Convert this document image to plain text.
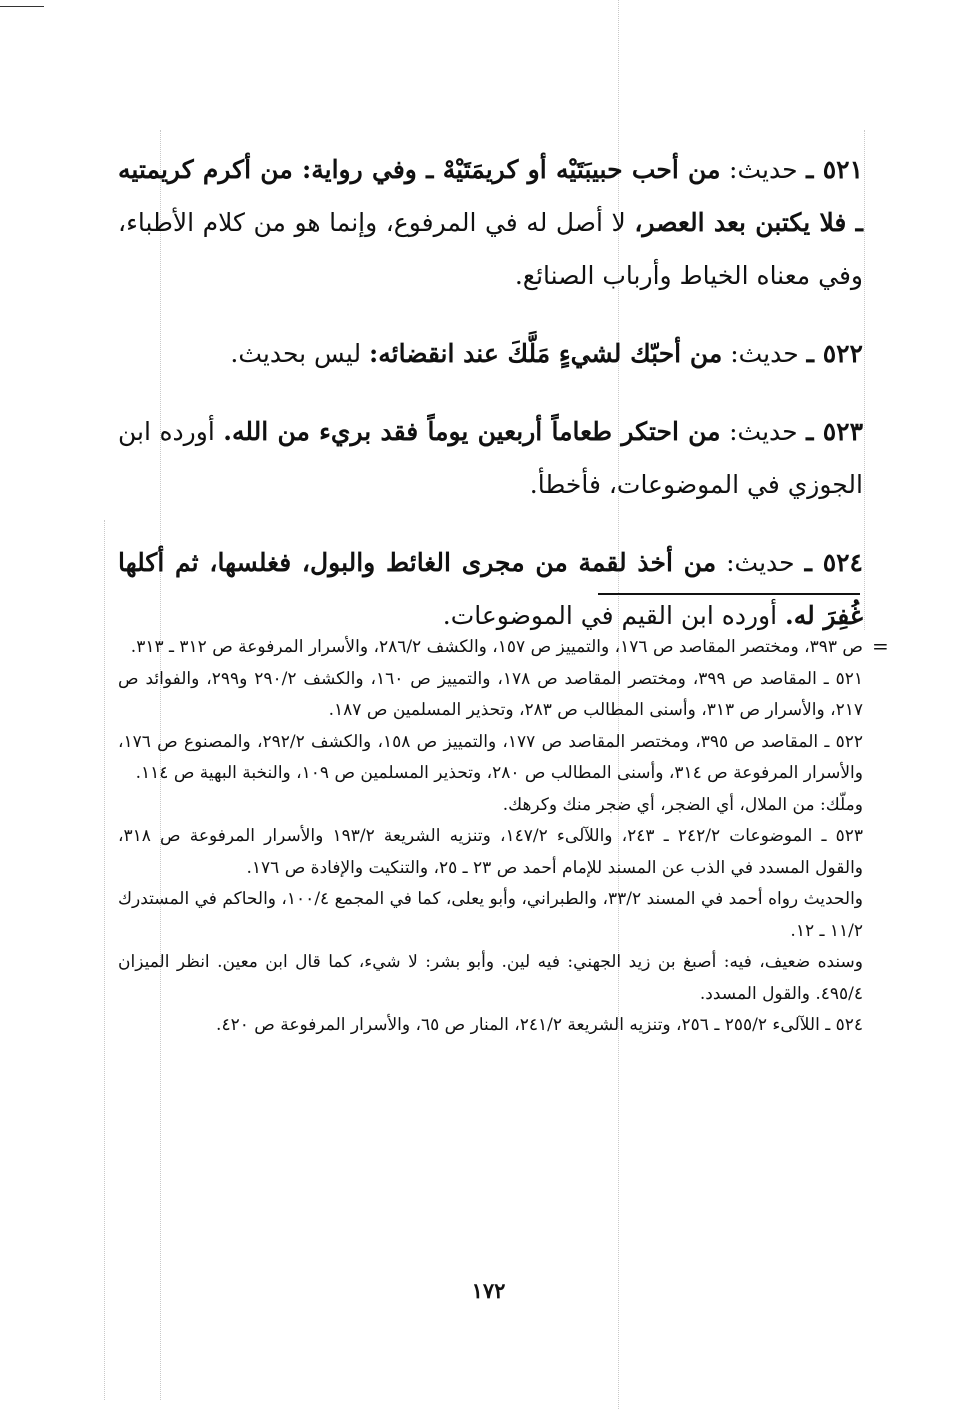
٥٢١ ـ حديث: من أحب حبيبَتَيْه أو كريمَتَيْهْ ـ وفي رواية: من أكرم كريمتيه ـ فلا يكتبن بعد العصر، لا أصل له في المرفوع، وإنما هو من كلام الأطباء، وفي معناه الخياط وأرباب الصنائع.

٥٢٢ ـ حديث: من أحبّك لشيءٍ مَلَّكَ عند انقضائه: ليس بحديث.

٥٢٣ ـ حديث: من احتكر طعاماً أربعين يوماً فقد بريء من الله. أورده ابن الجوزي في الموضوعات، فأخطأ.

٥٢٤ ـ حديث: من أخذ لقمة من مجرى الغائط والبول، فغلسها، ثم أكلها غُفِرَ له. أورده ابن القيم في الموضوعات.

=

ص ٣٩٣، ومختصر المقاصد ص ١٧٦، والتمييز ص ١٥٧، والكشف ٢٨٦/٢، والأسرار المرفوعة ص ٣١٢ ـ ٣١٣.

٥٢١ ـ المقاصد ص ٣٩٩، ومختصر المقاصد ص ١٧٨، والتمييز ص ١٦٠، والكشف ٢٩٠/٢ و٢٩٩، والفوائد ص ٢١٧، والأسرار ص ٣١٣، وأسنى المطالب ص ٢٨٣، وتحذير المسلمين ص ١٨٧.

٥٢٢ ـ المقاصد ص ٣٩٥، ومختصر المقاصد ص ١٧٧، والتمييز ص ١٥٨، والكشف ٢٩٢/٢، والمصنوع ص ١٧٦، والأسرار المرفوعة ص ٣١٤، وأسنى المطالب ص ٢٨٠، وتحذير المسلمين ص ١٠٩، والنخبة البهية ص ١١٤.

وملّك: من الملال، أي الضجر، أي ضجر منك وكرهك.

٥٢٣ ـ الموضوعات ٢٤٢/٢ ـ ٢٤٣، واللآلىء ١٤٧/٢، وتنزيه الشريعة ١٩٣/٢ والأسرار المرفوعة ص ٣١٨، والقول المسدد في الذب عن المسند للإمام أحمد ص ٢٣ ـ ٢٥، والتنكيت والإفادة ص ١٧٦.

والحديث رواه أحمد في المسند ٣٣/٢، والطبراني، وأبو يعلى، كما في المجمع ١٠٠/٤، والحاكم في المستدرك ١١/٢ ـ ١٢.

وسنده ضعيف، فيه: أصبغ بن زيد الجهني: فيه لين. وأبو بشر: لا شيء، كما قال ابن معين. انظر الميزان ٤٩٥/٤. والقول المسدد.

٥٢٤ ـ اللآلىء ٢٥٥/٢ ـ ٢٥٦، وتنزيه الشريعة ٢٤١/٢، المنار ص ٦٥، والأسرار المرفوعة ص ٤٢٠.

١٧٢
